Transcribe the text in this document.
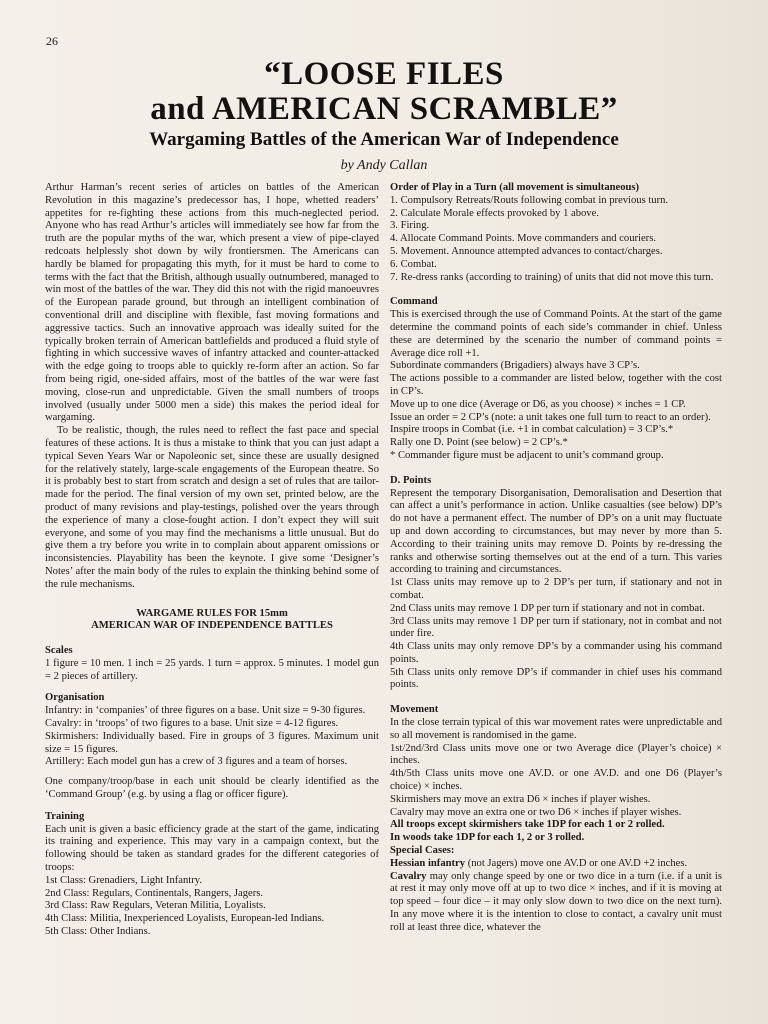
26
“LOOSE FILES
and AMERICAN SCRAMBLE”
Wargaming Battles of the American War of Independence
by Andy Callan

Arthur Harman’s recent series of articles on battles of the American Revolution in this magazine’s predecessor has, I hope, whetted readers’ appetites for re-fighting these actions from this much-neglected period. Anyone who has read Arthur’s articles will immediately see how far from the truth are the popular myths of the war, which present a view of pipe-clayed redcoats helplessly shot down by wily frontiersmen. The Americans can hardly be blamed for propagating this myth, for it must be hard to come to terms with the fact that the British, although usually outnumbered, managed to win most of the battles of the war. They did this not with the rigid manoeuvres of the European parade ground, but through an intelligent combination of conventional drill and discipline with flexible, fast moving formations and aggressive tactics. Such an innovative approach was ideally suited for the typically broken terrain of American battlefields and produced a fluid style of fighting in which successive waves of infantry attacked and counter-attacked with the edge going to troops able to quickly re-form after an action. So far from being rigid, one-sided affairs, most of the battles of the war were fast moving, close-run and unpredictable. Given the small numbers of troops involved (usually under 5000 men a side) this makes the period ideal for wargaming.

To be realistic, though, the rules need to reflect the fast pace and special features of these actions. It is thus a mistake to think that you can just adapt a typical Seven Years War or Napoleonic set, since these are usually designed for the relatively stately, large-scale engagements of the European theatre. So it is probably best to start from scratch and design a set of rules that are tailor-made for the period. The final version of my own set, printed below, are the product of many revisions and play-testings, polished over the years through the experience of many a close-fought action. I don’t expect they will suit everyone, and some of you may find the mechanisms a little unusual. But do give them a try before you write in to complain about apparent omissions or inconsistencies. Playability has been the keynote. I give some ‘Designer’s Notes’ after the main body of the rules to explain the thinking behind some of the rule mechanisms.

WARGAME RULES FOR 15mm
AMERICAN WAR OF INDEPENDENCE BATTLES
Scales

1 figure = 10 men. 1 inch = 25 yards. 1 turn = approx. 5 minutes. 1 model gun = 2 pieces of artillery.

Organisation

Infantry: in ‘companies’ of three figures on a base. Unit size = 9-30 figures.

Cavalry: in ‘troops’ of two figures to a base. Unit size = 4-12 figures.

Skirmishers: Individually based. Fire in groups of 3 figures. Maximum unit size = 15 figures.

Artillery: Each model gun has a crew of 3 figures and a team of horses.

One company/troop/base in each unit should be clearly identified as the ‘Command Group’ (e.g. by using a flag or officer figure).

Training

Each unit is given a basic efficiency grade at the start of the game, indicating its training and experience. This may vary in a campaign context, but the following should be taken as standard grades for the different categories of troops:

1st Class: Grenadiers, Light Infantry.

2nd Class: Regulars, Continentals, Rangers, Jagers.

3rd Class: Raw Regulars, Veteran Militia, Loyalists.

4th Class: Militia, Inexperienced Loyalists, European-led Indians.

5th Class: Other Indians.

Order of Play in a Turn (all movement is simultaneous)

1. Compulsory Retreats/Routs following combat in previous turn.

2. Calculate Morale effects provoked by 1 above.

3. Firing.

4. Allocate Command Points. Move commanders and couriers.

5. Movement. Announce attempted advances to contact/charges.

6. Combat.

7. Re-dress ranks (according to training) of units that did not move this turn.

Command

This is exercised through the use of Command Points. At the start of the game determine the command points of each side’s commander in chief. Unless these are determined by the scenario the number of command points = Average dice roll +1.

Subordinate commanders (Brigadiers) always have 3 CP’s.

The actions possible to a commander are listed below, together with the cost in CP’s.

Move up to one dice (Average or D6, as you choose) × inches = 1 CP.

Issue an order = 2 CP’s (note: a unit takes one full turn to react to an order).

Inspire troops in Combat (i.e. +1 in combat calculation) = 3 CP’s.*

Rally one D. Point (see below) = 2 CP’s.*

* Commander figure must be adjacent to unit’s command group.

D. Points

Represent the temporary Disorganisation, Demoralisation and Desertion that can affect a unit’s performance in action. Unlike casualties (see below) DP’s do not have a permanent effect. The number of DP’s on a unit may fluctuate up and down according to circumstances, but may never by more than 5. According to their training units may remove D. Points by re-dressing the ranks and otherwise sorting themselves out at the end of a turn. This varies according to training and circumstances.

1st Class units may remove up to 2 DP’s per turn, if stationary and not in combat.

2nd Class units may remove 1 DP per turn if stationary and not in combat.

3rd Class units may remove 1 DP per turn if stationary, not in combat and not under fire.

4th Class units may only remove DP’s by a commander using his command points.

5th Class units only remove DP’s if commander in chief uses his command points.

Movement

In the close terrain typical of this war movement rates were unpredictable and so all movement is randomised in the game.

1st/2nd/3rd Class units move one or two Average dice (Player’s choice) × inches.

4th/5th Class units move one AV.D. or one AV.D. and one D6 (Player’s choice) × inches.

Skirmishers may move an extra D6 × inches if player wishes.

Cavalry may move an extra one or two D6 × inches if player wishes.

All troops except skirmishers take 1DP for each 1 or 2 rolled.

In woods take 1DP for each 1, 2 or 3 rolled.

Special Cases:

Hessian infantry (not Jagers) move one AV.D or one AV.D +2 inches.

Cavalry may only change speed by one or two dice in a turn (i.e. if a unit is at rest it may only move off at up to two dice × inches, and if it is moving at top speed – four dice – it may only slow down to two dice on the next turn). In any move where it is the intention to close to contact, a cavalry unit must roll at least three dice, whatever the
